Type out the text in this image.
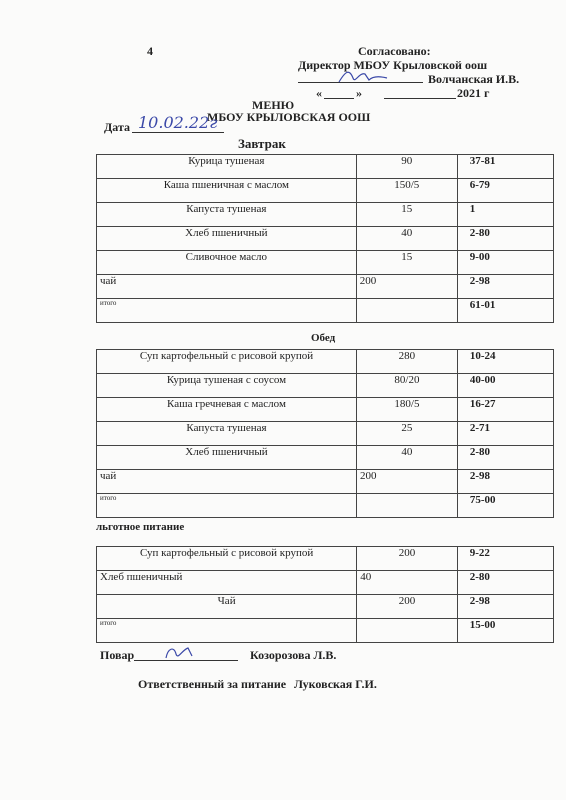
4	Согласовано:
Директор МБОУ Крыловской оош
Волчанская И.В.
«	»	2021 г
МЕНЮ
МБОУ КРЫЛОВСКАЯ ООШ
Дата 10.02.22г
Завтрак
Курица тушеная	90	37-81
Каша пшеничная с маслом	150/5	6-79
Капуста тушеная	15	1
Хлеб пшеничный	40	2-80
Сливочное масло	15	9-00
чай	200	2-98
итого		61-01
Обед
Суп картофельный с рисовой крупой	280	10-24
Курица тушеная с соусом	80/20	40-00
Каша гречневая с маслом	180/5	16-27
Капуста тушеная	25	2-71
Хлеб пшеничный	40	2-80
чай	200	2-98
итого		75-00
льготное питание
Суп картофельный с рисовой крупой	200	9-22
Хлеб пшеничный	40	2-80
Чай	200	2-98
итого		15-00
Повар	Козорозова Л.В.
Ответственный за питание Луковская Г.И.
